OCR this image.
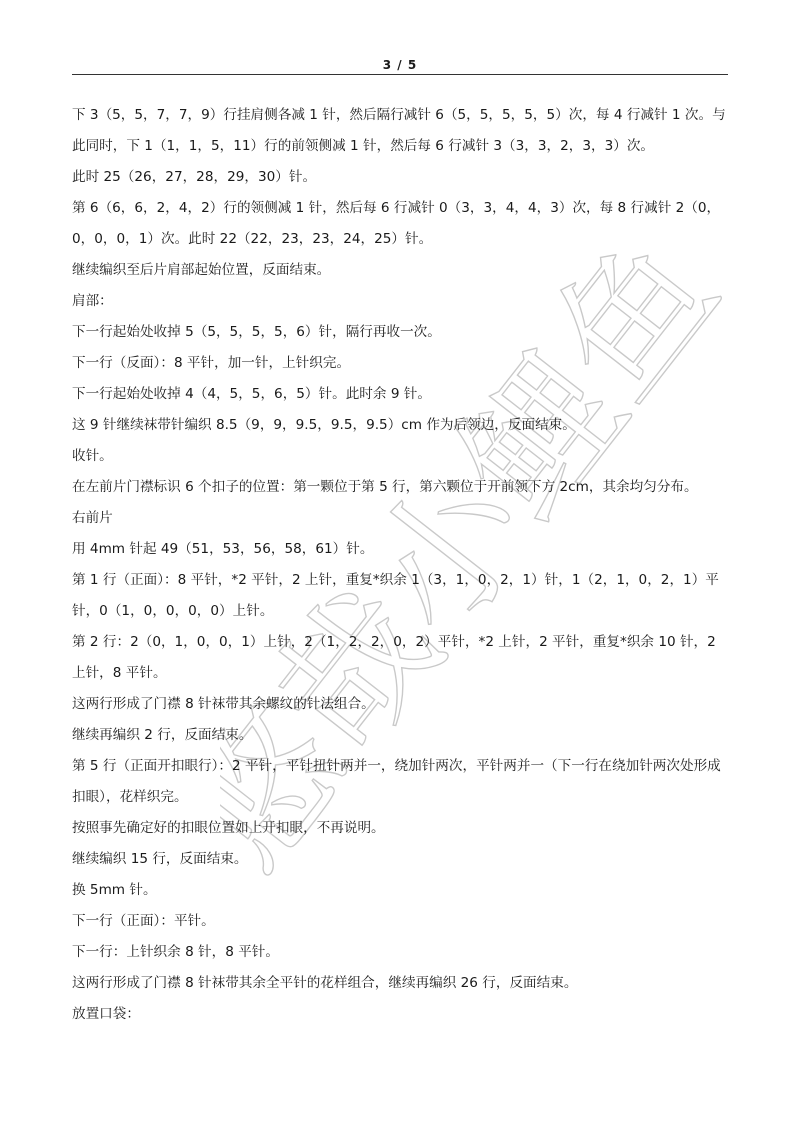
3 / 5
悠哉小鲤鱼

下 3（5，5，7，7，9）行挂肩侧各减 1 针，然后隔行减针 6（5，5，5，5，5）次，每 4 行减针 1 次。与此同时，下 1（1，1，5，11）行的前领侧减 1 针，然后每 6 行减针 3（3，3，2，3，3）次。

此时 25（26，27，28，29，30）针。

第 6（6，6，2，4，2）行的领侧减 1 针，然后每 6 行减针 0（3，3，4，4，3）次，每 8 行减针 2（0，0，0，0，1）次。此时 22（22，23，23，24，25）针。

继续编织至后片肩部起始位置，反面结束。

肩部：

下一行起始处收掉 5（5，5，5，5，6）针，隔行再收一次。

下一行（反面）：8 平针，加一针，上针织完。

下一行起始处收掉 4（4，5，5，6，5）针。此时余 9 针。

这 9 针继续袜带针编织 8.5（9，9，9.5，9.5，9.5）cm 作为后领边，反面结束。

收针。

在左前片门襟标识 6 个扣子的位置：第一颗位于第 5 行，第六颗位于开前领下方 2cm，其余均匀分布。

右前片

用 4mm 针起 49（51，53，56，58，61）针。

第 1 行（正面）：8 平针，*2 平针，2 上针，重复*织余 1（3，1，0，2，1）针，1（2，1，0，2，1）平针，0（1，0，0，0，0）上针。

第 2 行：2（0，1，0，0，1）上针，2（1，2，2，0，2）平针，*2 上针，2 平针，重复*织余 10 针，2 上针，8 平针。

这两行形成了门襟 8 针袜带其余螺纹的针法组合。

继续再编织 2 行，反面结束。

第 5 行（正面开扣眼行）：2 平针，平针扭针两并一，绕加针两次，平针两并一（下一行在绕加针两次处形成扣眼），花样织完。

按照事先确定好的扣眼位置如上开扣眼，不再说明。

继续编织 15 行，反面结束。

换 5mm 针。

下一行（正面）：平针。

下一行：上针织余 8 针，8 平针。

这两行形成了门襟 8 针袜带其余全平针的花样组合，继续再编织 26 行，反面结束。

放置口袋：
